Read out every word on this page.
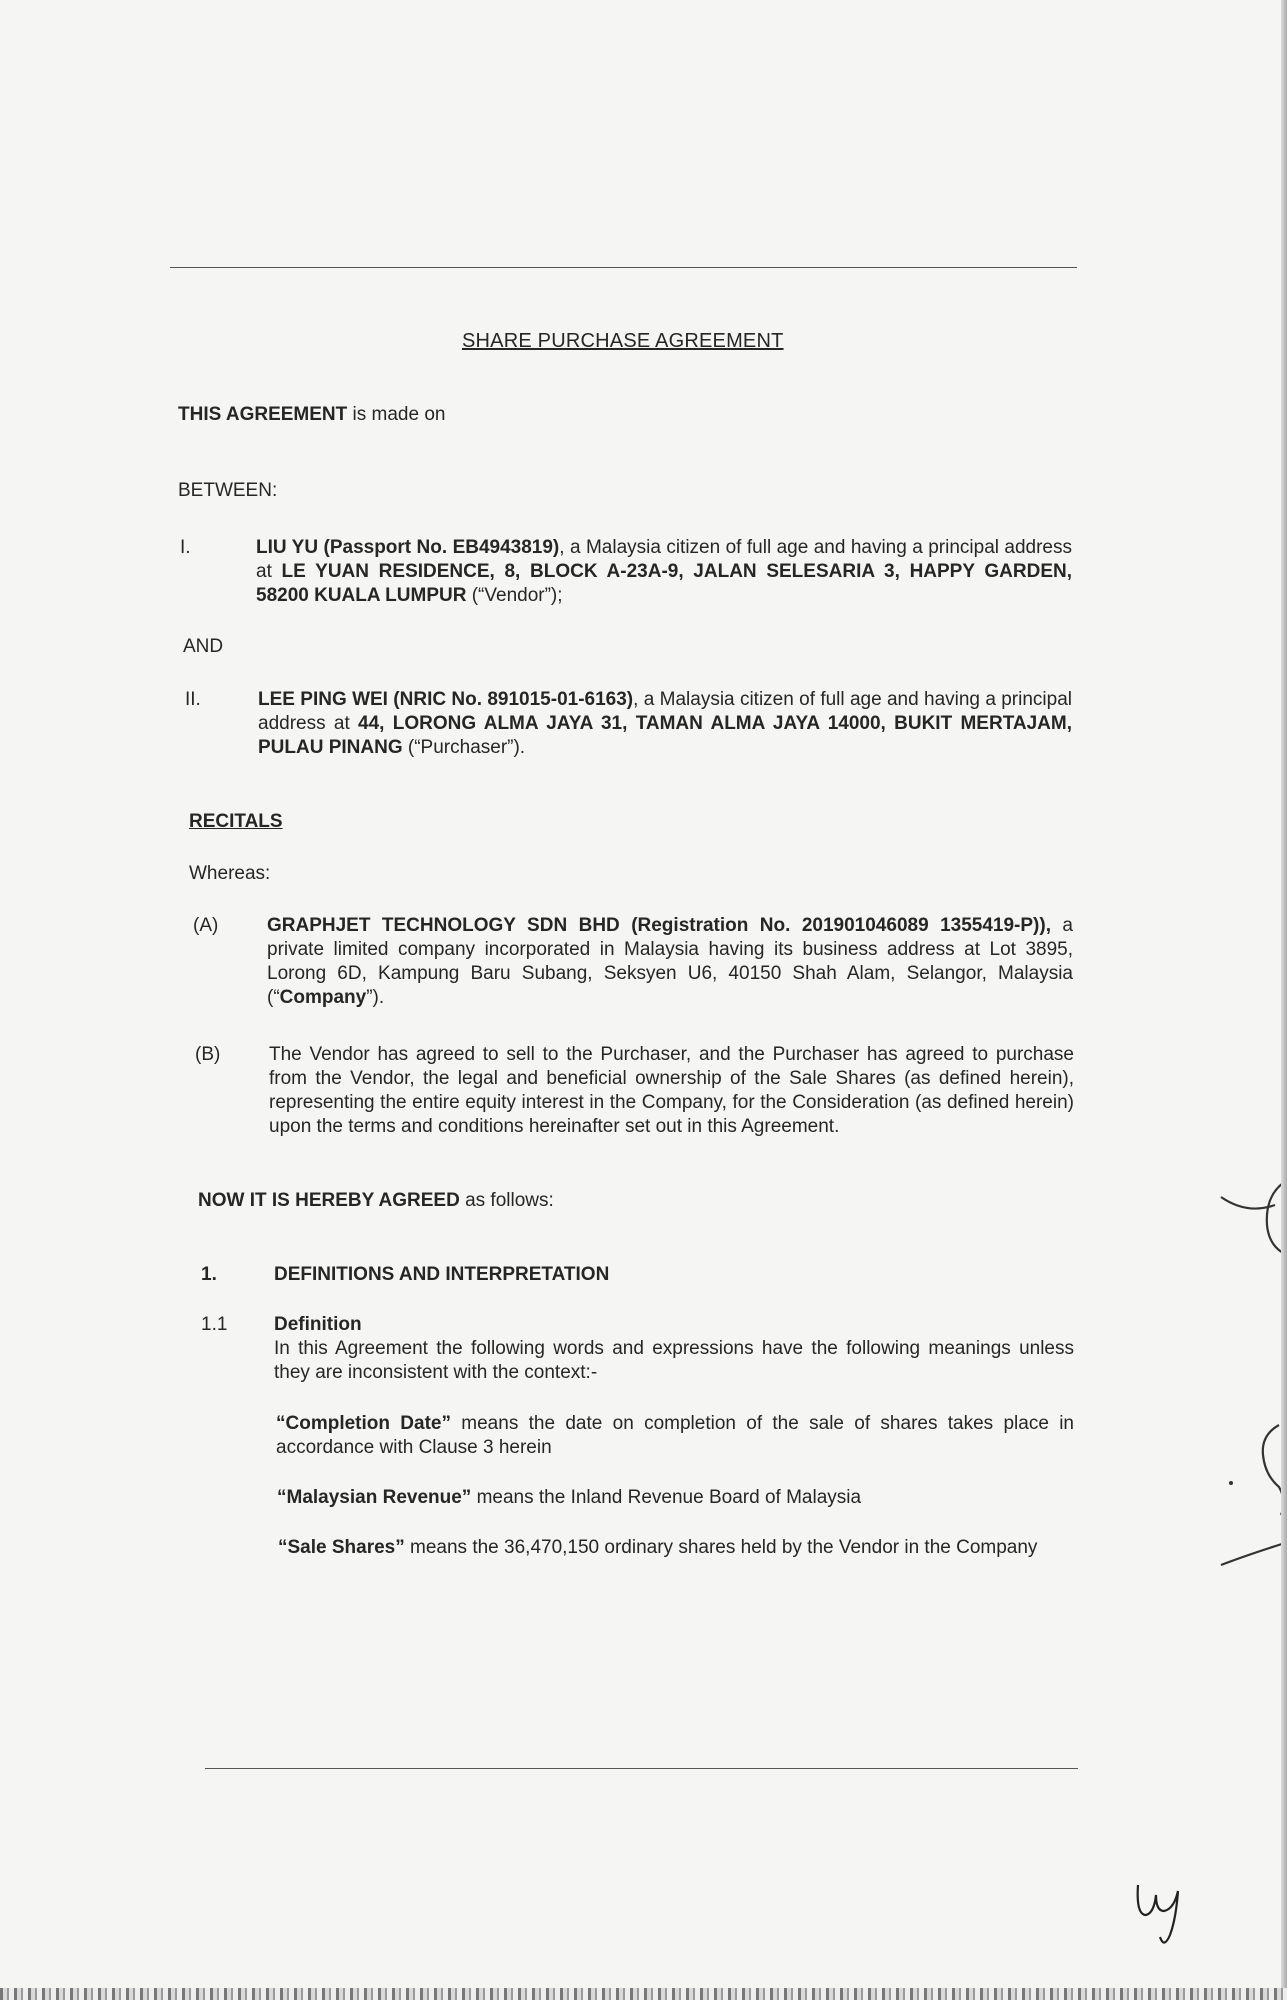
SHARE PURCHASE AGREEMENT
THIS AGREEMENT is made on
BETWEEN:
I.	LIU YU (Passport No. EB4943819), a Malaysia citizen of full age and having a principal address at LE YUAN RESIDENCE, 8, BLOCK A-23A-9, JALAN SELESARIA 3, HAPPY GARDEN, 58200 KUALA LUMPUR (“Vendor”);
AND
II.	LEE PING WEI (NRIC No. 891015-01-6163), a Malaysia citizen of full age and having a principal address at 44, LORONG ALMA JAYA 31, TAMAN ALMA JAYA 14000, BUKIT MERTAJAM, PULAU PINANG (“Purchaser”).
RECITALS
Whereas:
(A)	GRAPHJET TECHNOLOGY SDN BHD (Registration No. 201901046089 1355419-P)), a private limited company incorporated in Malaysia having its business address at Lot 3895, Lorong 6D, Kampung Baru Subang, Seksyen U6, 40150 Shah Alam, Selangor, Malaysia (“Company”).
(B)	The Vendor has agreed to sell to the Purchaser, and the Purchaser has agreed to purchase from the Vendor, the legal and beneficial ownership of the Sale Shares (as defined herein), representing the entire equity interest in the Company, for the Consideration (as defined herein) upon the terms and conditions hereinafter set out in this Agreement.
NOW IT IS HEREBY AGREED as follows:
1.	DEFINITIONS AND INTERPRETATION
1.1 Definition
In this Agreement the following words and expressions have the following meanings unless they are inconsistent with the context:-
“Completion Date” means the date on completion of the sale of shares takes place in accordance with Clause 3 herein
“Malaysian Revenue” means the Inland Revenue Board of Malaysia
“Sale Shares” means the 36,470,150 ordinary shares held by the Vendor in the Company
